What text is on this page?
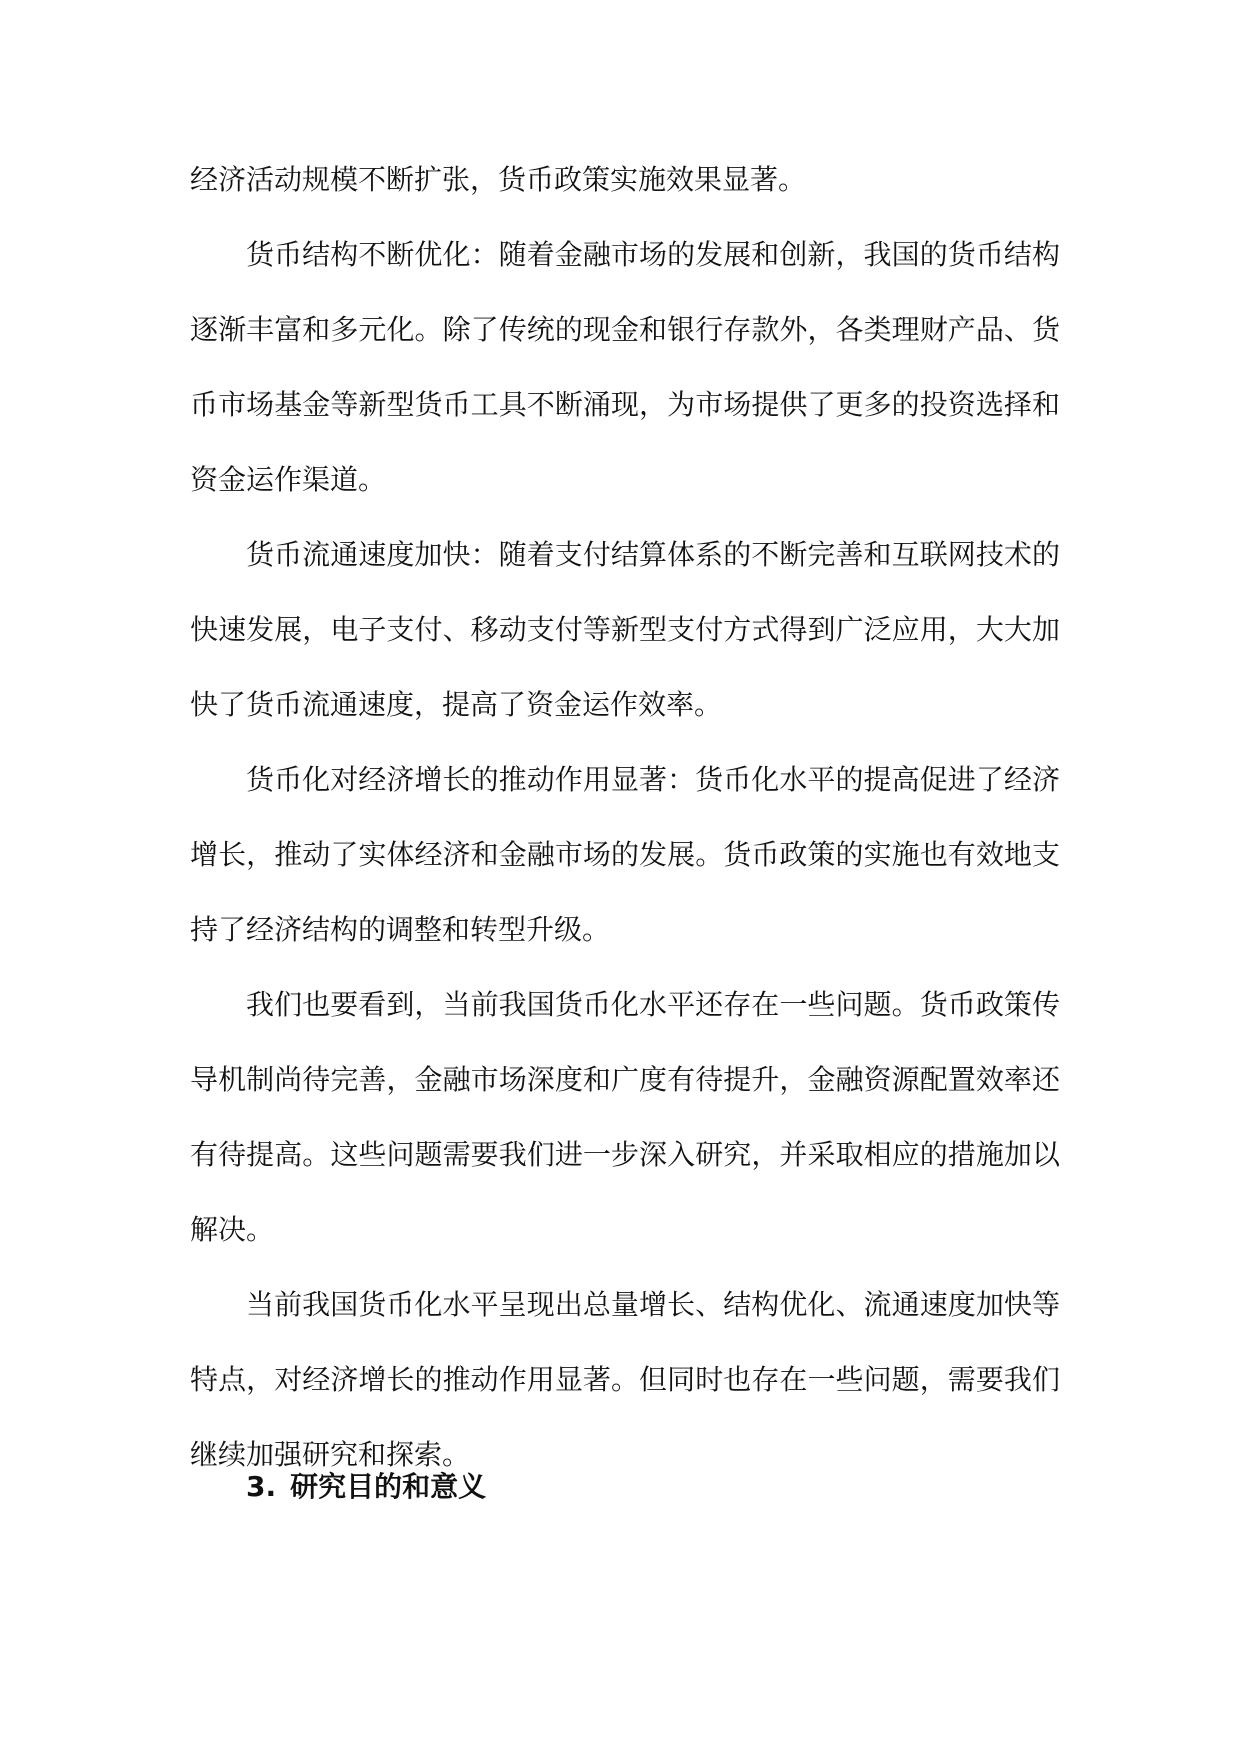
经济活动规模不断扩张，货币政策实施效果显著。

货币结构不断优化：随着金融市场的发展和创新，我国的货币结构逐渐丰富和多元化。除了传统的现金和银行存款外，各类理财产品、货币市场基金等新型货币工具不断涌现，为市场提供了更多的投资选择和资金运作渠道。

货币流通速度加快：随着支付结算体系的不断完善和互联网技术的快速发展，电子支付、移动支付等新型支付方式得到广泛应用，大大加快了货币流通速度，提高了资金运作效率。

货币化对经济增长的推动作用显著：货币化水平的提高促进了经济增长，推动了实体经济和金融市场的发展。货币政策的实施也有效地支持了经济结构的调整和转型升级。

我们也要看到，当前我国货币化水平还存在一些问题。货币政策传导机制尚待完善，金融市场深度和广度有待提升，金融资源配置效率还有待提高。这些问题需要我们进一步深入研究，并采取相应的措施加以解决。

当前我国货币化水平呈现出总量增长、结构优化、流通速度加快等特点，对经济增长的推动作用显著。但同时也存在一些问题，需要我们继续加强研究和探索。

3. 研究目的和意义
